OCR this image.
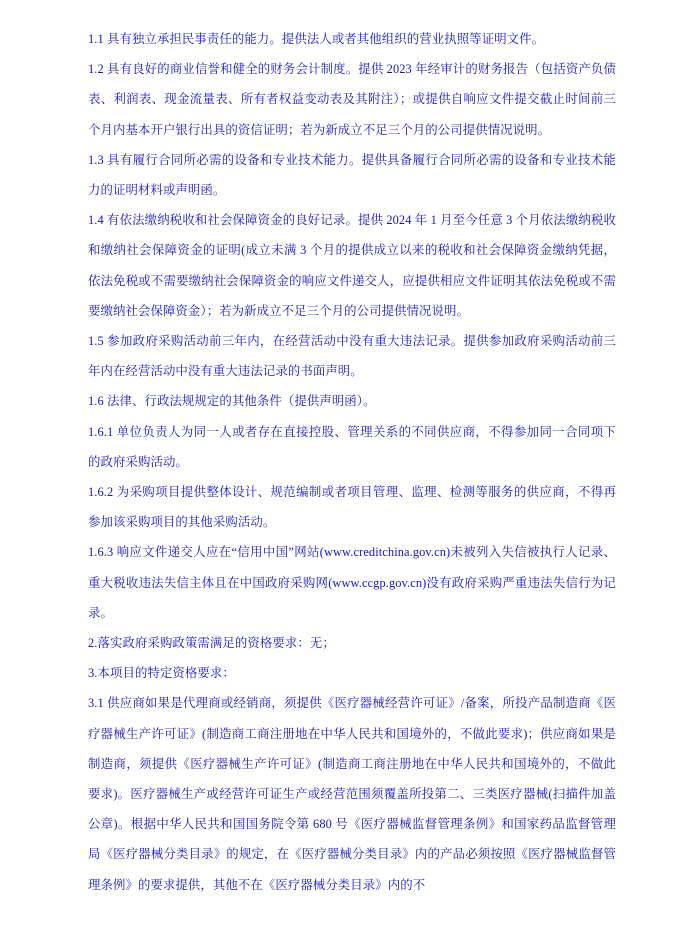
1.1 具有独立承担民事责任的能力。提供法人或者其他组织的营业执照等证明文件。

1.2 具有良好的商业信誉和健全的财务会计制度。提供 2023 年经审计的财务报告（包括资产负债表、利润表、现金流量表、所有者权益变动表及其附注）；或提供自响应文件提交截止时间前三个月内基本开户银行出具的资信证明；若为新成立不足三个月的公司提供情况说明。

1.3 具有履行合同所必需的设备和专业技术能力。提供具备履行合同所必需的设备和专业技术能力的证明材料或声明函。

1.4 有依法缴纳税收和社会保障资金的良好记录。提供 2024 年 1 月至今任意 3 个月依法缴纳税收和缴纳社会保障资金的证明(成立未满 3 个月的提供成立以来的税收和社会保障资金缴纳凭据，依法免税或不需要缴纳社会保障资金的响应文件递交人，应提供相应文件证明其依法免税或不需要缴纳社会保障资金）；若为新成立不足三个月的公司提供情况说明。

1.5 参加政府采购活动前三年内，在经营活动中没有重大违法记录。提供参加政府采购活动前三年内在经营活动中没有重大违法记录的书面声明。

1.6 法律、行政法规规定的其他条件（提供声明函）。

1.6.1 单位负责人为同一人或者存在直接控股、管理关系的不同供应商，不得参加同一合同项下的政府采购活动。

1.6.2 为采购项目提供整体设计、规范编制或者项目管理、监理、检测等服务的供应商，不得再参加该采购项目的其他采购活动。

1.6.3 响应文件递交人应在“信用中国”网站(www.creditchina.gov.cn)未被列入失信被执行人记录、重大税收违法失信主体且在中国政府采购网(www.ccgp.gov.cn)没有政府采购严重违法失信行为记录。

2.落实政府采购政策需满足的资格要求：无；

3.本项目的特定资格要求：

3.1 供应商如果是代理商或经销商，须提供《医疗器械经营许可证》/备案，所投产品制造商《医疗器械生产许可证》(制造商工商注册地在中华人民共和国境外的，不做此要求)；供应商如果是制造商，须提供《医疗器械生产许可证》(制造商工商注册地在中华人民共和国境外的，不做此要求)。医疗器械生产或经营许可证生产或经营范围须覆盖所投第二、三类医疗器械(扫描件加盖公章)。根据中华人民共和国国务院令第 680 号《医疗器械监督管理条例》和国家药品监督管理局《医疗器械分类目录》的规定，在《医疗器械分类目录》内的产品必须按照《医疗器械监督管理条例》的要求提供，其他不在《医疗器械分类目录》内的不
